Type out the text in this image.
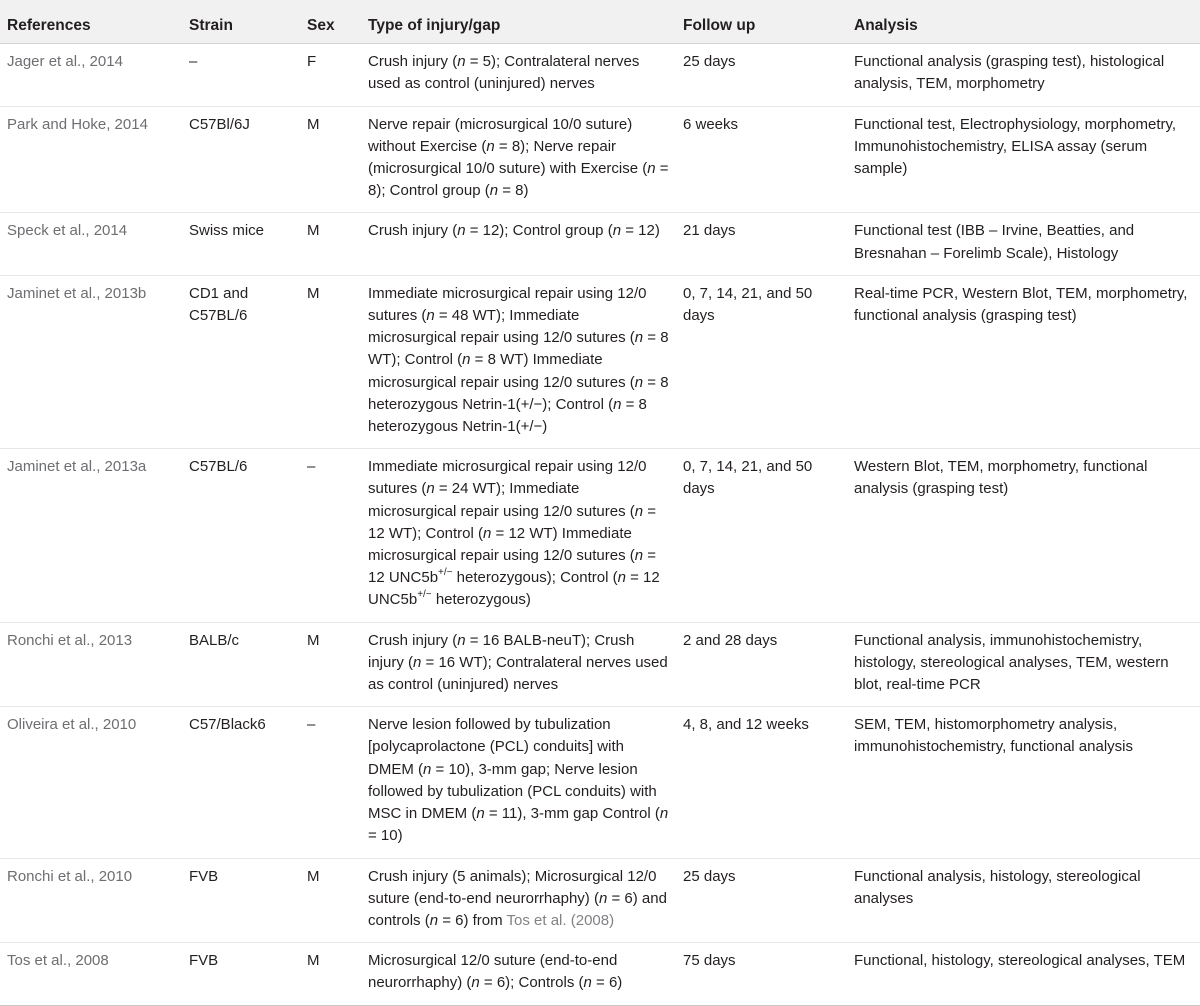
References	Strain	Sex	Type of injury/gap	Follow up	Analysis
Jager et al., 2014	–	F	Crush injury (n = 5); Contralateral nerves used as control (uninjured) nerves	25 days	Functional analysis (grasping test), histological analysis, TEM, morphometry
Park and Hoke, 2014	C57Bl/6J	M	Nerve repair (microsurgical 10/0 suture) without Exercise (n = 8); Nerve repair (microsurgical 10/0 suture) with Exercise (n = 8); Control group (n = 8)	6 weeks	Functional test, Electrophysiology, morphometry, Immunohistochemistry, ELISA assay (serum sample)
Speck et al., 2014	Swiss mice	M	Crush injury (n = 12); Control group (n = 12)	21 days	Functional test (IBB – Irvine, Beatties, and Bresnahan – Forelimb Scale), Histology
Jaminet et al., 2013b	CD1 and C57BL/6	M	Immediate microsurgical repair using 12/0 sutures (n = 48 WT); Immediate microsurgical repair using 12/0 sutures (n = 8 WT); Control (n = 8 WT) Immediate microsurgical repair using 12/0 sutures (n = 8 heterozygous Netrin-1(+/−); Control (n = 8 heterozygous Netrin-1(+/−)	0, 7, 14, 21, and 50 days	Real-time PCR, Western Blot, TEM, morphometry, functional analysis (grasping test)
Jaminet et al., 2013a	C57BL/6	–	Immediate microsurgical repair using 12/0 sutures (n = 24 WT); Immediate microsurgical repair using 12/0 sutures (n = 12 WT); Control (n = 12 WT) Immediate microsurgical repair using 12/0 sutures (n = 12 UNC5b+/− heterozygous); Control (n = 12 UNC5b+/− heterozygous)	0, 7, 14, 21, and 50 days	Western Blot, TEM, morphometry, functional analysis (grasping test)
Ronchi et al., 2013	BALB/c	M	Crush injury (n = 16 BALB-neuT); Crush injury (n = 16 WT); Contralateral nerves used as control (uninjured) nerves	2 and 28 days	Functional analysis, immunohistochemistry, histology, stereological analyses, TEM, western blot, real-time PCR
Oliveira et al., 2010	C57/Black6	–	Nerve lesion followed by tubulization [polycaprolactone (PCL) conduits] with DMEM (n = 10), 3-mm gap; Nerve lesion followed by tubulization (PCL conduits) with MSC in DMEM (n = 11), 3-mm gap Control (n = 10)	4, 8, and 12 weeks	SEM, TEM, histomorphometry analysis, immunohistochemistry, functional analysis
Ronchi et al., 2010	FVB	M	Crush injury (5 animals); Microsurgical 12/0 suture (end-to-end neurorrhaphy) (n = 6) and controls (n = 6) from Tos et al. (2008)	25 days	Functional analysis, histology, stereological analyses
Tos et al., 2008	FVB	M	Microsurgical 12/0 suture (end-to-end neurorrhaphy) (n = 6); Controls (n = 6)	75 days	Functional, histology, stereological analyses, TEM
